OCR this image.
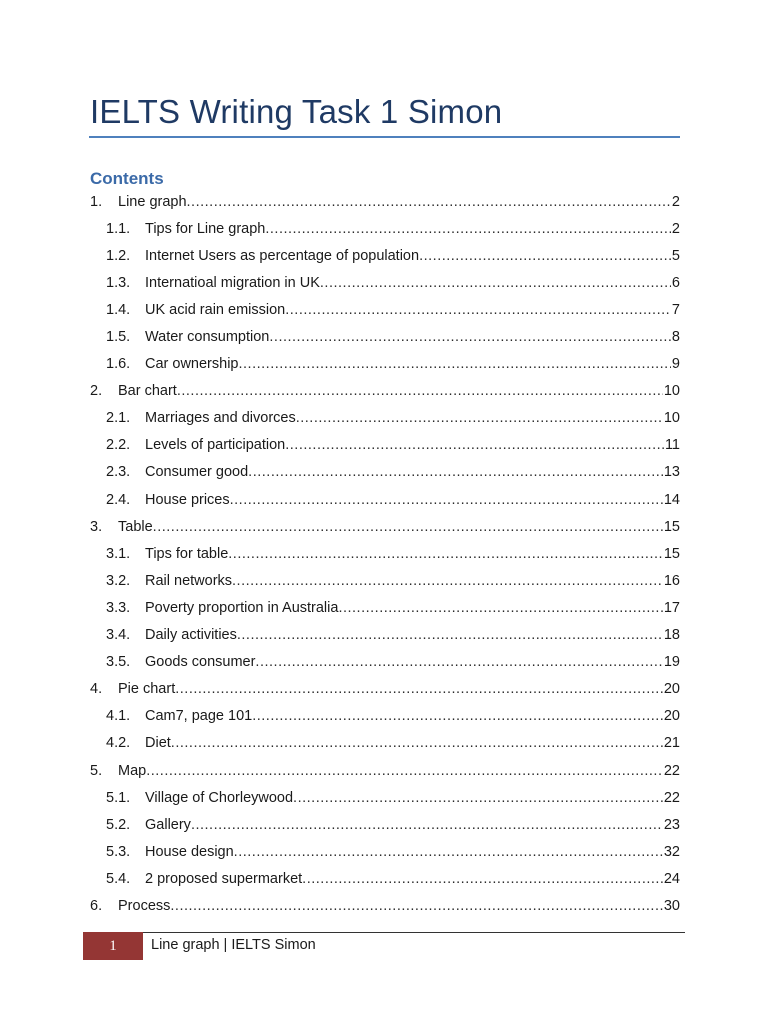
IELTS Writing Task 1 Simon
Contents
1. Line graph .....	2
1.1. Tips for Line graph .....	2
1.2. Internet Users as percentage of population .....	5
1.3. Internatioal migration in UK .....	6
1.4. UK acid rain emission .....	7
1.5. Water consumption .....	8
1.6. Car ownership .....	9
2. Bar chart .....	10
2.1. Marriages and divorces .....	10
2.2. Levels of participation .....	11
2.3. Consumer good .....	13
2.4. House prices .....	14
3. Table .....	15
3.1. Tips for table .....	15
3.2. Rail networks .....	16
3.3. Poverty proportion in Australia .....	17
3.4. Daily activities .....	18
3.5. Goods consumer .....	19
4. Pie chart .....	20
4.1. Cam7, page 101 .....	20
4.2. Diet .....	21
5. Map .....	22
5.1. Village of Chorleywood .....	22
5.2. Gallery .....	23
5.3. House design .....	32
5.4. 2 proposed supermarket .....	24
6. Process .....	30
1	Line graph | IELTS Simon
